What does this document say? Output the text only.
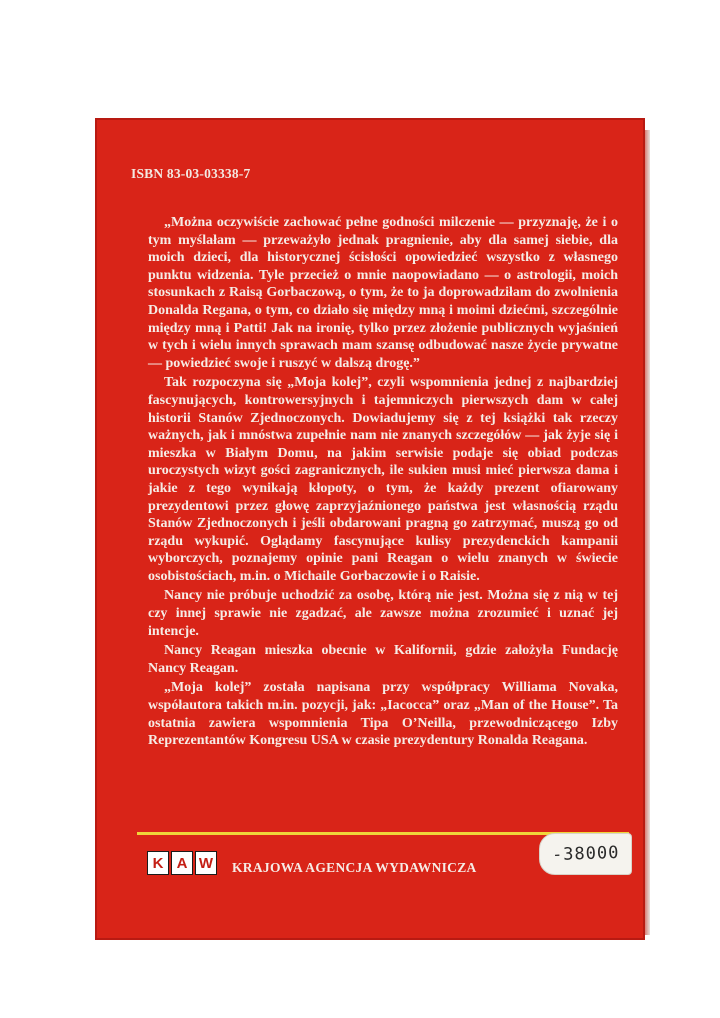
ISBN 83-03-03338-7

„Można oczywiście zachować pełne godności milczenie — przyznaję, że i o tym myślałam — przeważyło jednak pragnienie, aby dla samej siebie, dla moich dzieci, dla historycznej ścisłości opowiedzieć wszystko z własnego punktu widzenia. Tyle przecież o mnie naopowiadano — o astrologii, moich stosunkach z Raisą Gorbaczową, o tym, że to ja doprowadziłam do zwolnienia Donalda Regana, o tym, co działo się między mną i moimi dziećmi, szczególnie między mną i Patti! Jak na ironię, tylko przez złożenie publicznych wyjaśnień w tych i wielu innych sprawach mam szansę odbudować nasze życie prywatne — powiedzieć swoje i ruszyć w dalszą drogę.”

Tak rozpoczyna się „Moja kolej”, czyli wspomnienia jednej z najbardziej fascynujących, kontrowersyjnych i tajemniczych pierwszych dam w całej historii Stanów Zjednoczonych. Dowiadujemy się z tej książki tak rzeczy ważnych, jak i mnóstwa zupełnie nam nie znanych szczegółów — jak żyje się i mieszka w Białym Domu, na jakim serwisie podaje się obiad podczas uroczystych wizyt gości zagranicznych, ile sukien musi mieć pierwsza dama i jakie z tego wynikają kłopoty, o tym, że każdy prezent ofiarowany prezydentowi przez głowę zaprzyjaźnionego państwa jest własnością rządu Stanów Zjednoczonych i jeśli obdarowani pragną go zatrzymać, muszą go od rządu wykupić. Oglądamy fascynujące kulisy prezydenckich kampanii wyborczych, poznajemy opinie pani Reagan o wielu znanych w świecie osobistościach, m.in. o Michaile Gorbaczowie i o Raisie.

Nancy nie próbuje uchodzić za osobę, którą nie jest. Można się z nią w tej czy innej sprawie nie zgadzać, ale zawsze można zrozumieć i uznać jej intencje.

Nancy Reagan mieszka obecnie w Kalifornii, gdzie założyła Fundację Nancy Reagan.

„Moja kolej” została napisana przy współpracy Williama Novaka, współautora takich m.in. pozycji, jak: „Iacocca” oraz „Man of the House”. Ta ostatnia zawiera wspomnienia Tipa O’Neilla, przewodniczącego Izby Reprezentantów Kongresu USA w czasie prezydentury Ronalda Reagana.

K A W KRAJOWA AGENCJA WYDAWNICZA
-38000
